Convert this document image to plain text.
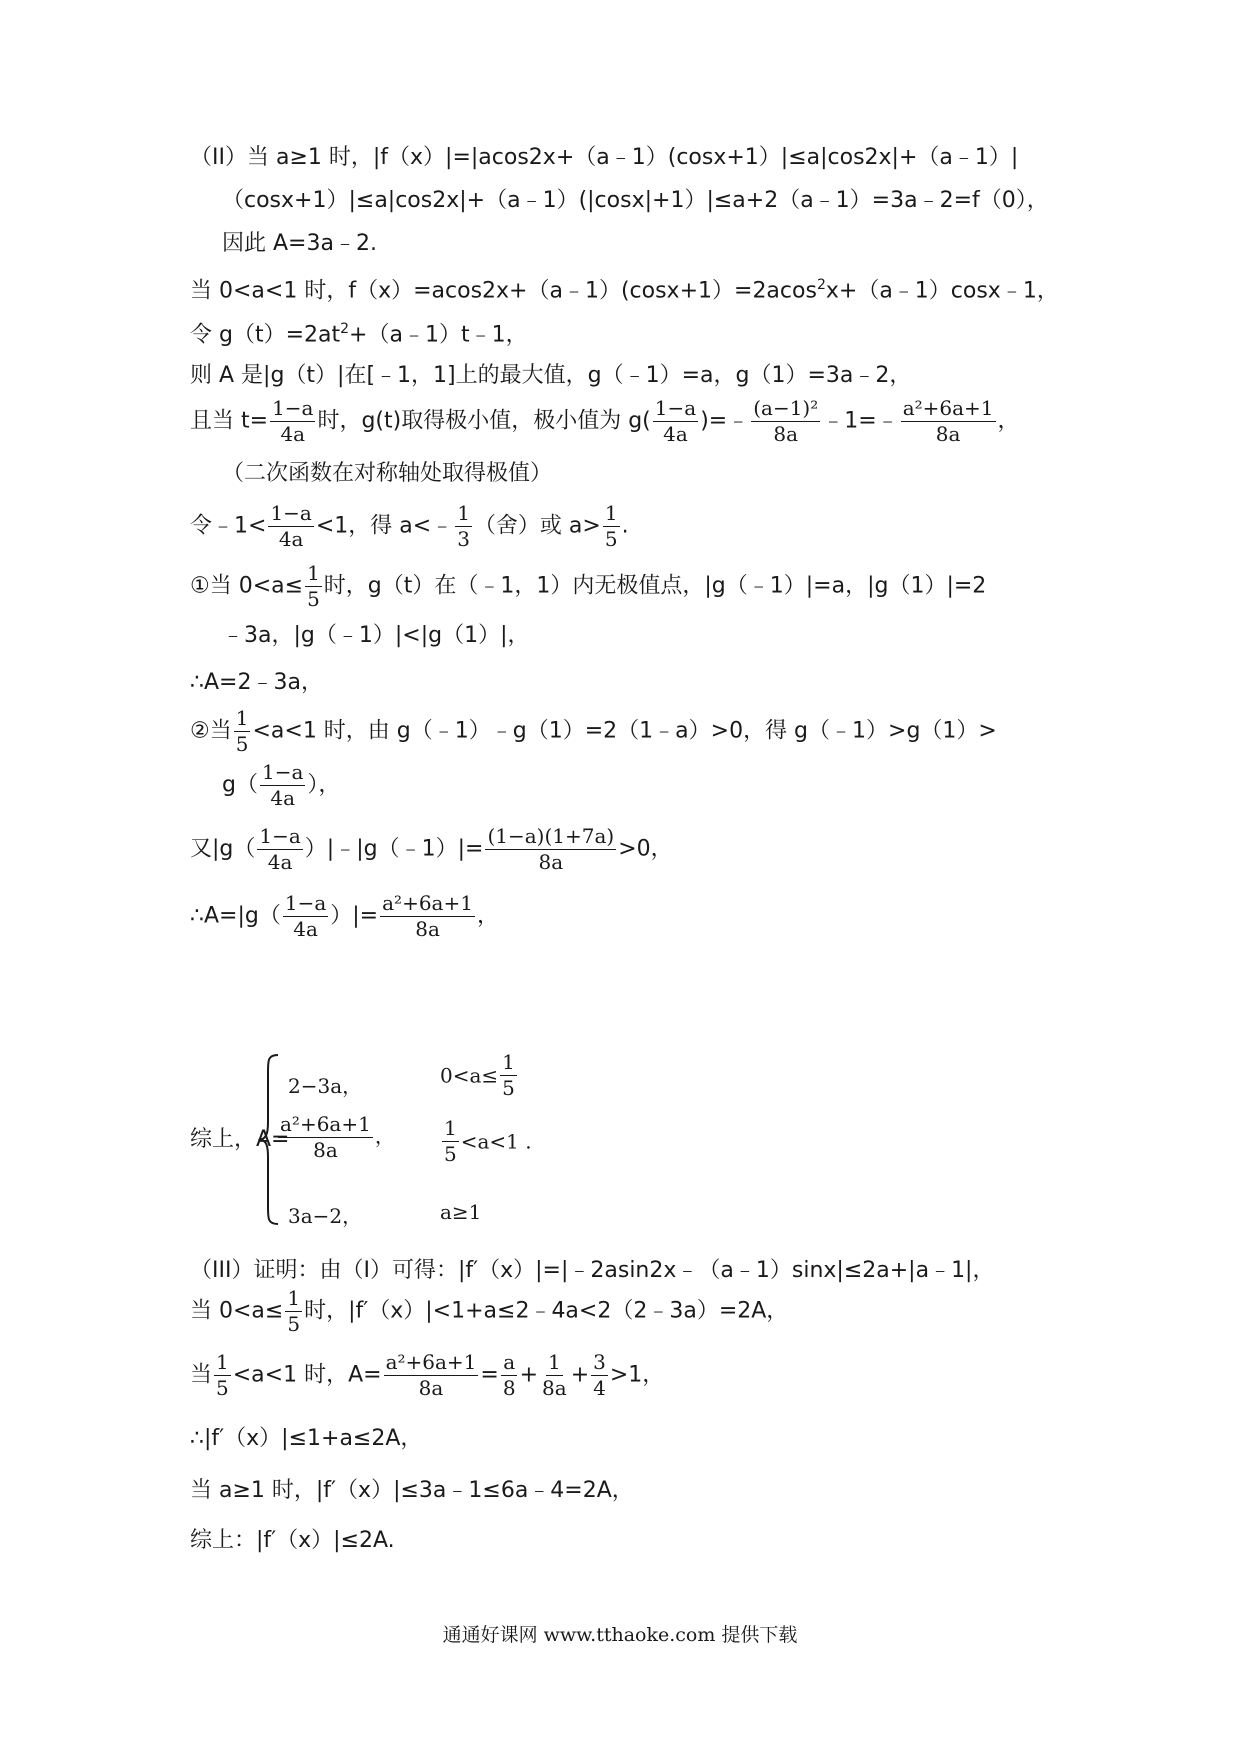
（II）当 a≥1 时，|f（x）|=|acos2x+（a﹣1）(cosx+1）|≤a|cos2x|+（a﹣1）|
（cosx+1）|≤a|cos2x|+（a﹣1）(|cosx|+1）|≤a+2（a﹣1）=3a﹣2=f（0），
因此 A=3a﹣2.
当 0<a<1 时，f（x）=acos2x+（a﹣1）(cosx+1）=2acos$^2$x+（a﹣1）cosx﹣1，
令 $g(t)=2at^2+(a﹣1)t﹣1$，
则 A 是|g（t）|在[﹣1，1]上的最大值，g（﹣1）=a，g（1）=3a﹣2，
且当 $t= \frac{1-a}{4a}$ 时，g(t)取得极小值，极小值为 $g( \frac{1-a}{4a}$ )=﹣ $\frac{\text{(a−1)²}}{8a}$ ﹣1=﹣ $\frac{\text{a²+6a+1}}{8a}$ ，
（二次函数在对称轴处取得极值）
令﹣1< $\frac{1-a}{4a} <1$，得 a<﹣ $\frac{1}{3}$ （舍）或 $a> \frac{1}{5}$ .
①当 $0<a\le \frac{1}{5}$ 时，g（t）在（﹣1，1）内无极值点，|g（﹣1）|=a，|g（1）|=2
﹣3a，|g（﹣1）|<|g（1）|，
∴A=2﹣3a，
②当 $\frac{1}{5} <a<1$ 时，由 g（﹣1）﹣g（1）=2（1﹣a）>0，得 g（﹣1）>g（1）>
$g( \frac{1-a}{4a}$ ），
又$|g( \frac{1-a}{4a}$ ）|﹣|g（﹣1）|= $\frac{(1-a)(1+7a)}{8a} >0$，
∴A=|g（ $\frac{1-a}{4a}$ ）|= $\frac{\text{a²+6a+1}}{8a}$ ，
综上，A=
2−3a，	$0<a\le \frac{1}{5}$
$\frac{\text{a²+6a+1}}{8a}$ ， $\frac{1}{5} <a<1$ .
3a−2，	a≥1
（III）证明：由（I）可得：|f′（x）|=|﹣2asin2x﹣（a﹣1）sinx|≤2a+|a﹣1|，
当 $0<a\le \frac{1}{5}$ 时，|f′（x）|<1+a≤2﹣4a<2（2﹣3a）=2A，
当 $\frac{1}{5} <a<1$ 时，$A= \frac{\text{a²+6a+1}}{8a} = \frac{a}{8} + \frac{1}{8a} + \frac{3}{4} >1$，
∴|f′（x）|≤1+a≤2A，
当 a≥1 时，|f′（x）|≤3a﹣1≤6a﹣4=2A，
综上：|f′（x）|≤2A.
通通好课网 www.tthaoke.com 提供下载
